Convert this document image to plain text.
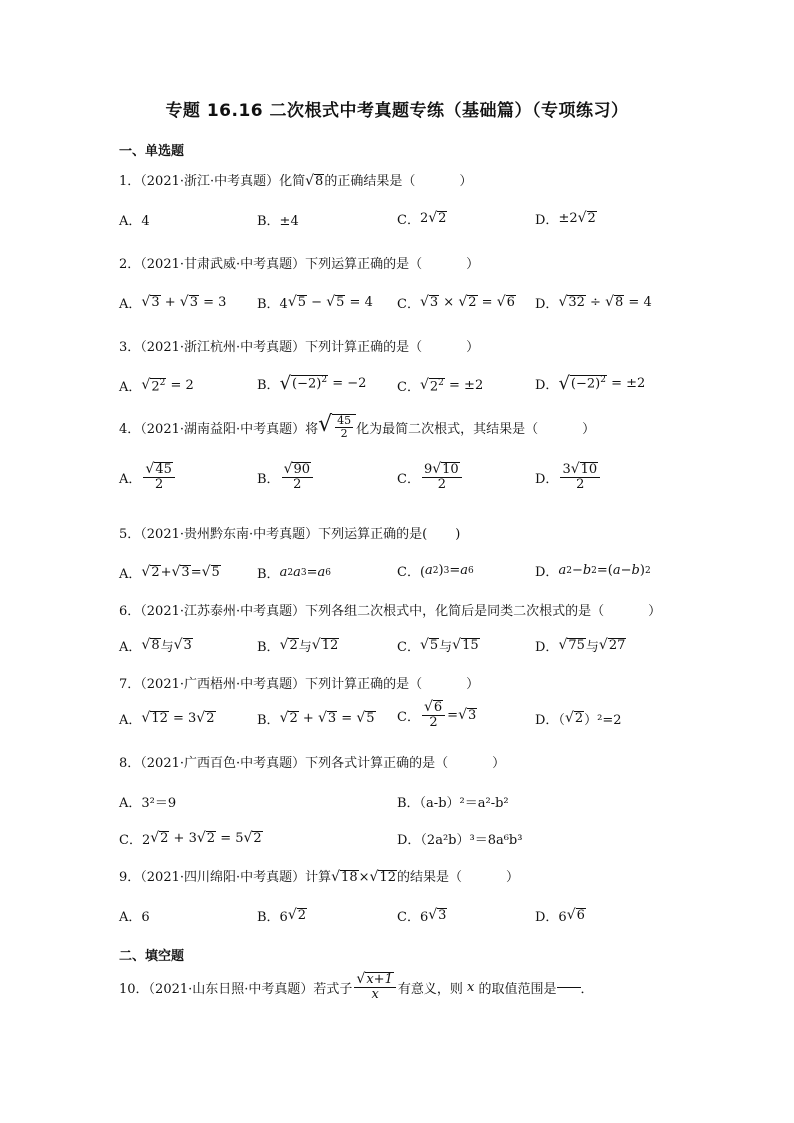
专题 16.16 二次根式中考真题专练（基础篇）（专项练习）
一、单选题
1．（2021·浙江·中考真题）化简 √ 8 的正确结果是（	）
A．4	B．±4	C． 2 √ 2	D． ±2 √ 2
2．（2021·甘肃武威·中考真题）下列运算正确的是（	）
A． √ 3 + √ 3 = 3 B．4 √ 5 − √ 5 = 4 C． √ 3 × √ 2 = √ 6 D． √ 32 ÷ √ 8 = 4
3．（2021·浙江杭州·中考真题）下列计算正确的是（	）
A． √ $2^2 = 2$	B． √ $(-2)^2 = -2$ C． √ $2^2 = \pm 2$	D． √ $(-2)^2 = \pm 2$
4．（2021·湖南益阳·中考真题）将 √ $\frac{45}{2}$ 化为最简二次根式，其结果是（	）
A． $\frac{√ 45}{2}$	B． $\frac{√ 90}{2}$	C． $\frac{9 √ 10}{2}$	D． $\frac{3 √ 10}{2}$
5．（2021·贵州黔东南·中考真题）下列运算正确的是( )
A． √ 2 + √ 3 = √ 5	B． a 2 a 3 = a 6	C．( a 2 ) 3 = a 6	D． a 2 − b 2 =( a − b ) 2
6．（2021·江苏泰州·中考真题）下列各组二次根式中，化简后是同类二次根式的是（	）
A． √ 8 与 √ 3	B． √ 2 与 √ 12	C． √ 5 与 √ 15	D． √ 75 与 √ 27
7．（2021·广西梧州·中考真题）下列计算正确的是（	）
A． √ 12 = 3 √ 2	B． √ 2 + √ 3 = √ 5 C． $\frac{√ 6}{2}$ = √ 3	D．（ √ 2 ）²=2
8．（2021·广西百色·中考真题）下列各式计算正确的是（	）
A．3²＝9	B．（a-b）²＝a²-b²
C．2 √ 2 + 3 √ 2 = 5 √ 2	D．（2a²b）³＝8a⁶b³
9．（2021·四川绵阳·中考真题）计算 √ 18 × √ 12 的结果是（	）
A．6	B．6 √ 2	C．6 √ 3	D．6 √ 6
二、填空题
10．（2021·山东日照·中考真题）若式子 $\frac{√ x+1}{x}$ 有意义，则
x
的取值范围是 ．
